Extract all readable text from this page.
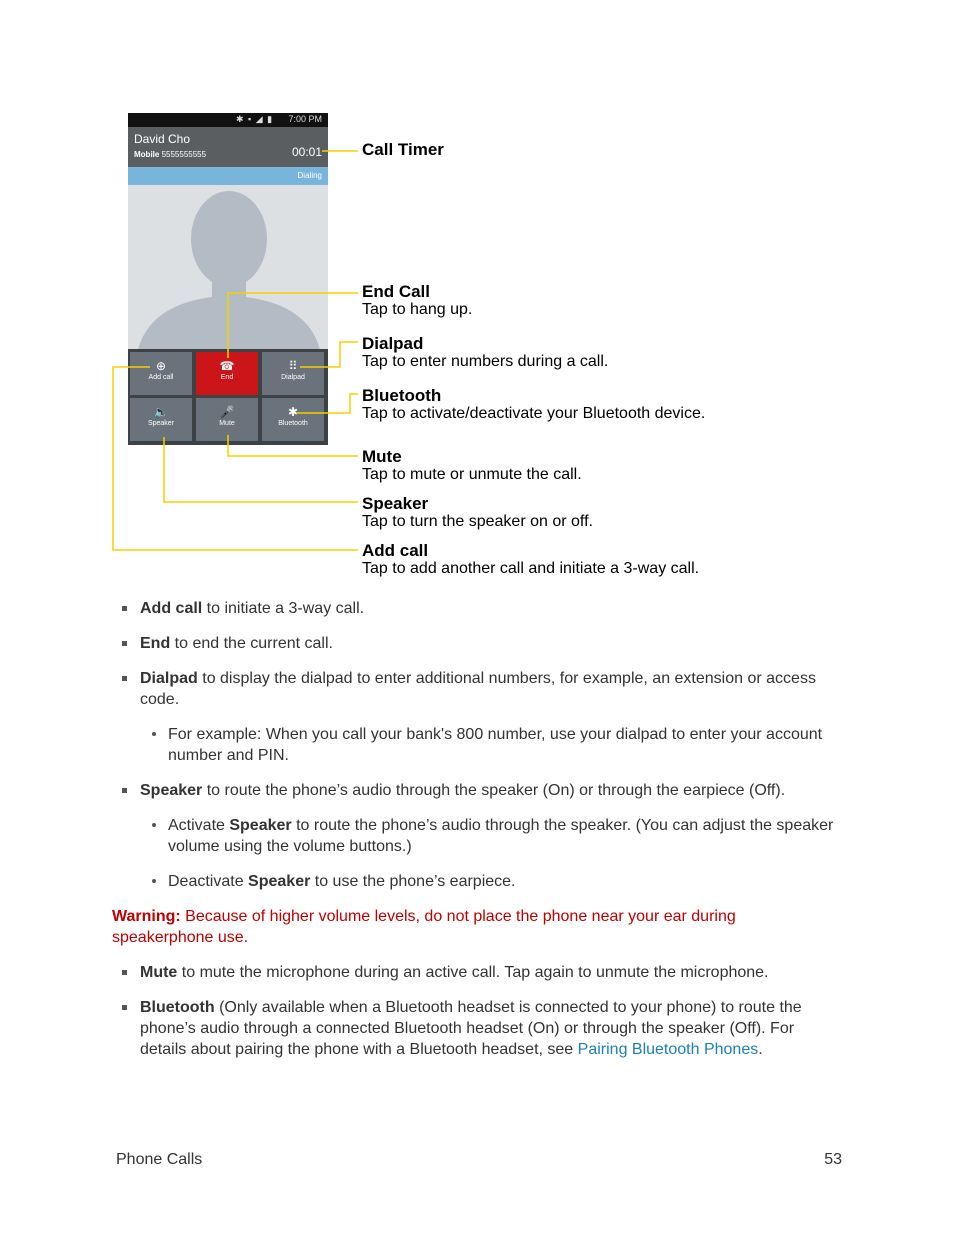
✱ ▪ ◢ ▮ 7:00 PM
David Cho
Mobile 5555555555	00:01
Dialing
⊕
Add call
☎
End
⠿
Dialpad
🔈
Speaker
🎤
Mute
✱
Bluetooth
Call Timer
End Call
Tap to hang up.
Dialpad
Tap to enter numbers during a call.
Bluetooth
Tap to activate/deactivate your Bluetooth device.
Mute
Tap to mute or unmute the call.
Speaker
Tap to turn the speaker on or off.
Add call
Tap to add another call and initiate a 3-way call.
Add call to initiate a 3-way call.
End to end the current call.
Dialpad to display the dialpad to enter additional numbers, for example, an extension or access code.
For example: When you call your bank's 800 number, use your dialpad to enter your account number and PIN.
Speaker to route the phone’s audio through the speaker (On) or through the earpiece (Off).
Activate Speaker to route the phone’s audio through the speaker. (You can adjust the speaker volume using the volume buttons.)
Deactivate Speaker to use the phone’s earpiece.
Warning: Because of higher volume levels, do not place the phone near your ear during speakerphone use.
Mute to mute the microphone during an active call. Tap again to unmute the microphone.
Bluetooth (Only available when a Bluetooth headset is connected to your phone) to route the phone’s audio through a connected Bluetooth headset (On) or through the speaker (Off). For details about pairing the phone with a Bluetooth headset, see Pairing Bluetooth Phones.
Phone Calls	53
